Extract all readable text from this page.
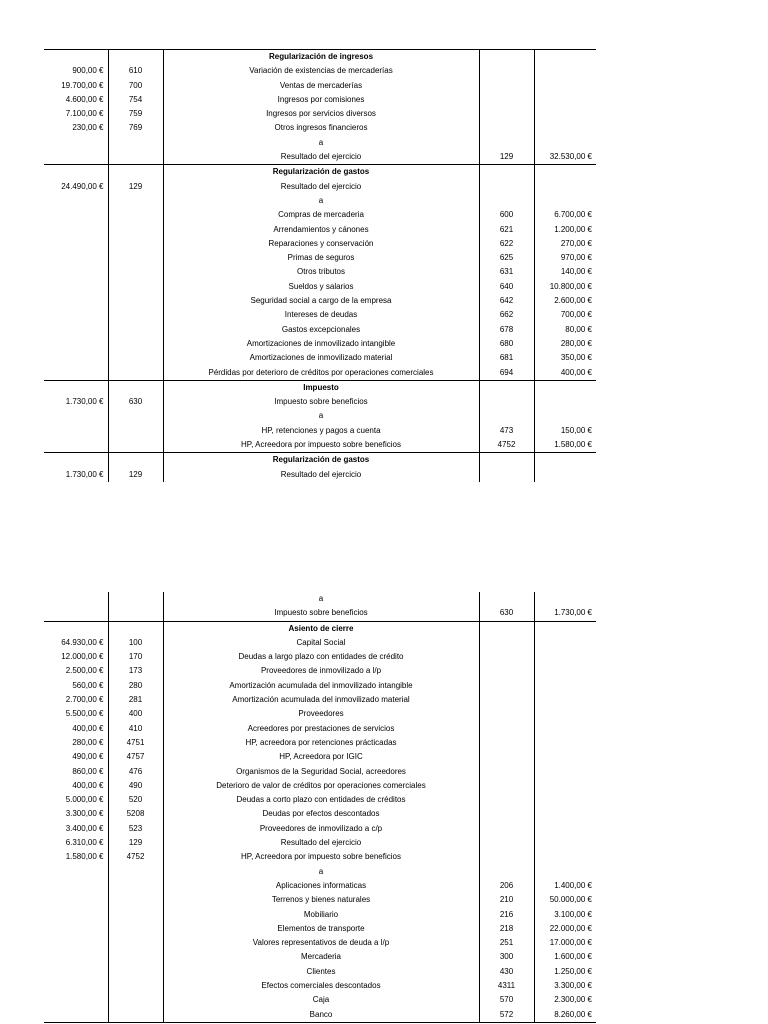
		Regularización de ingresos		
900,00 €	610	Variación de existencias de mercaderías		
19.700,00 €	700	Ventas de mercaderías		
4.600,00 €	754	Ingresos por comisiones		
7.100,00 €	759	Ingresos por servicios diversos		
230,00 €	769	Otros ingresos financieros		
		a		
		Resultado del ejercicio	129	32.530,00 €
		Regularización de gastos		
24.490,00 €	129	Resultado del ejercicio		
		a		
		Compras de mercaderia	600	6.700,00 €
		Arrendamientos y cánones	621	1.200,00 €
		Reparaciones y conservación	622	270,00 €
		Primas de seguros	625	970,00 €
		Otros tributos	631	140,00 €
		Sueldos y salarios	640	10.800,00 €
		Seguridad social a cargo de la empresa	642	2.600,00 €
		Intereses de deudas	662	700,00 €
		Gastos excepcionales	678	80,00 €
		Amortizaciones de inmovilizado intangible	680	280,00 €
		Amortizaciones de inmovilizado material	681	350,00 €
		Pérdidas por deterioro de créditos por operaciones comerciales	694	400,00 €
		Impuesto		
1.730,00 €	630	Impuesto sobre beneficios		
		a		
		HP, retenciones y pagos a cuenta	473	150,00 €
		HP, Acreedora por impuesto sobre beneficios	4752	1.580,00 €
		Regularización de gastos		
1.730,00 €	129	Resultado del ejercicio		
		a		
		Impuesto sobre beneficios	630	1.730,00 €
		Asiento de cierre		
64.930,00 €	100	Capital Social		
12.000,00 €	170	Deudas a largo plazo con entidades de crédito		
2.500,00 €	173	Proveedores de inmovilizado a l/p		
560,00 €	280	Amortización acumulada del inmovilizado intangible		
2.700,00 €	281	Amortización acumulada del inmovilizado material		
5.500,00 €	400	Proveedores		
400,00 €	410	Acreedores por prestaciones de servicios		
280,00 €	4751	HP, acreedora por retenciones prácticadas		
490,00 €	4757	HP, Acreedora por IGIC		
860,00 €	476	Organismos de la Seguridad Social, acreedores		
400,00 €	490	Deterioro de valor de créditos por operaciones comerciales		
5.000,00 €	520	Deudas a corto plazo con entidades de créditos		
3.300,00 €	5208	Deudas por efectos descontados		
3.400,00 €	523	Proveedores de inmovilizado a c/p		
6.310,00 €	129	Resultado del ejercicio		
1.580,00 €	4752	HP, Acreedora por impuesto sobre beneficios		
		a		
		Aplicaciones informaticas	206	1.400,00 €
		Terrenos y bienes naturales	210	50.000,00 €
		Mobiliario	216	3.100,00 €
		Elementos de transporte	218	22.000,00 €
		Valores representativos de deuda a l/p	251	17.000,00 €
		Mercaderia	300	1.600,00 €
		Clientes	430	1.250,00 €
		Efectos comerciales descontados	4311	3.300,00 €
		Caja	570	2.300,00 €
		Banco	572	8.260,00 €
